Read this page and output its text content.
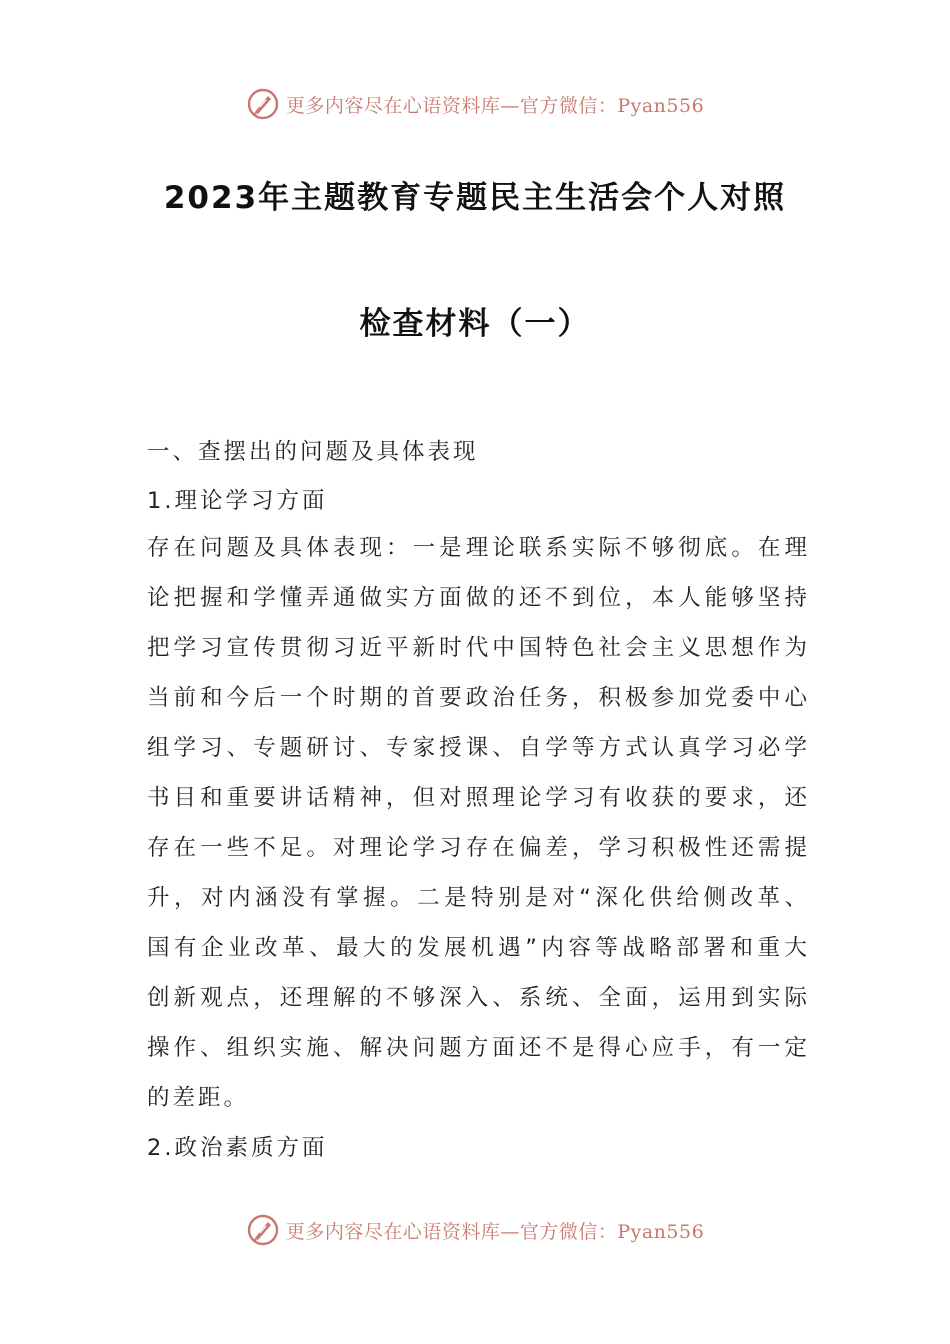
更多内容尽在心语资料库—官方微信：Pyan556
2023年主题教育专题民主生活会个人对照
检查材料（一）
一、查摆出的问题及具体表现
1.理论学习方面
存在问题及具体表现：一是理论联系实际不够彻底。在理
论把握和学懂弄通做实方面做的还不到位，本人能够坚持
把学习宣传贯彻习近平新时代中国特色社会主义思想作为
当前和今后一个时期的首要政治任务，积极参加党委中心
组学习、专题研讨、专家授课、自学等方式认真学习必学
书目和重要讲话精神，但对照理论学习有收获的要求，还
存在一些不足。对理论学习存在偏差，学习积极性还需提
升，对内涵没有掌握。二是特别是对“深化供给侧改革、
国有企业改革、最大的发展机遇”内容等战略部署和重大
创新观点，还理解的不够深入、系统、全面，运用到实际
操作、组织实施、解决问题方面还不是得心应手，有一定
的差距。
2.政治素质方面
更多内容尽在心语资料库—官方微信：Pyan556
